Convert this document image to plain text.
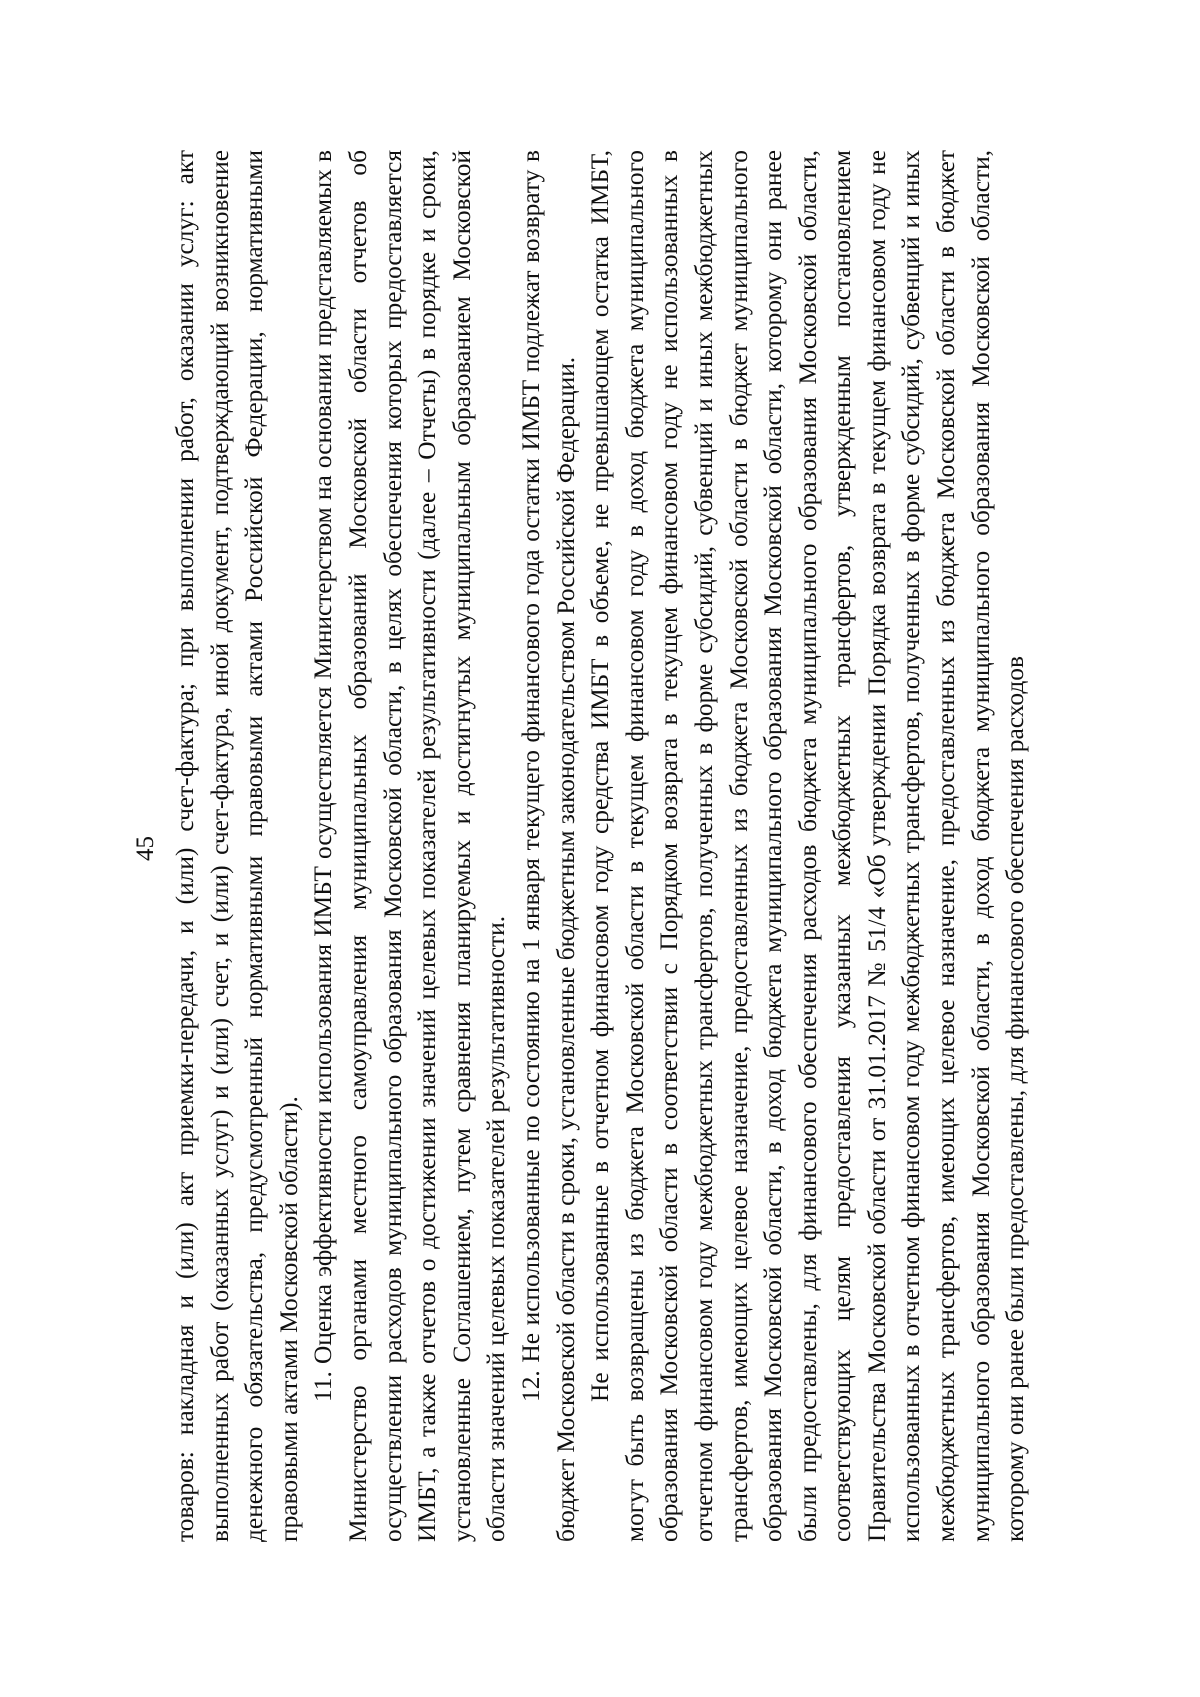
45 товаров: накладная и (или) акт приемки-передачи, и (или) счет-фактура; при выполнении работ, оказании услуг: акт выполненных работ (оказанных услуг) и (или) счет, и (или) счет-фактура, иной документ, подтверждающий возникновение денежного обязательства, предусмотренный нормативными правовыми актами Российской Федерации, нормативными правовыми актами Московской области). 11. Оценка эффективности использования ИМБТ осуществляется Министерством на основании представляемых в Министерство органами местного самоуправления муниципальных образований Московской области отчетов об осуществлении расходов муниципального образования Московской области, в целях обеспечения которых предоставляется ИМБТ, а также отчетов о достижении значений целевых показателей результативности (далее – Отчеты) в порядке и сроки, установленные Соглашением, путем сравнения планируемых и достигнутых муниципальным образованием Московской области значений целевых показателей результативности. 12. Не использованные по состоянию на 1 января текущего финансового года остатки ИМБТ подлежат возврату в бюджет Московской области в сроки, установленные бюджетным законодательством Российской Федерации. Не использованные в отчетном финансовом году средства ИМБТ в объеме, не превышающем остатка ИМБТ, могут быть возвращены из бюджета Московской области в текущем финансовом году в доход бюджета муниципального образования Московской области в соответствии с Порядком возврата в текущем финансовом году не использованных в отчетном финансовом году межбюджетных трансфертов, полученных в форме субсидий, субвенций и иных межбюджетных трансфертов, имеющих целевое назначение, предоставленных из бюджета Московской области в бюджет муниципального образования Московской области, в доход бюджета муниципального образования Московской области, которому они ранее были предоставлены, для финансового обеспечения расходов бюджета муниципального образования Московской области, соответствующих целям предоставления указанных межбюджетных трансфертов, утвержденным постановлением Правительства Московской области от 31.01.2017 № 51/4 «Об утверждении Порядка возврата в текущем финансовом году не использованных в отчетном финансовом году межбюджетных трансфертов, полученных в форме субсидий, субвенций и иных межбюджетных трансфертов, имеющих целевое назначение, предоставленных из бюджета Московской области в бюджет муниципального образования Московской области, в доход бюджета муниципального образования Московской области, которому они ранее были предоставлены, для финансового обеспечения расходов
